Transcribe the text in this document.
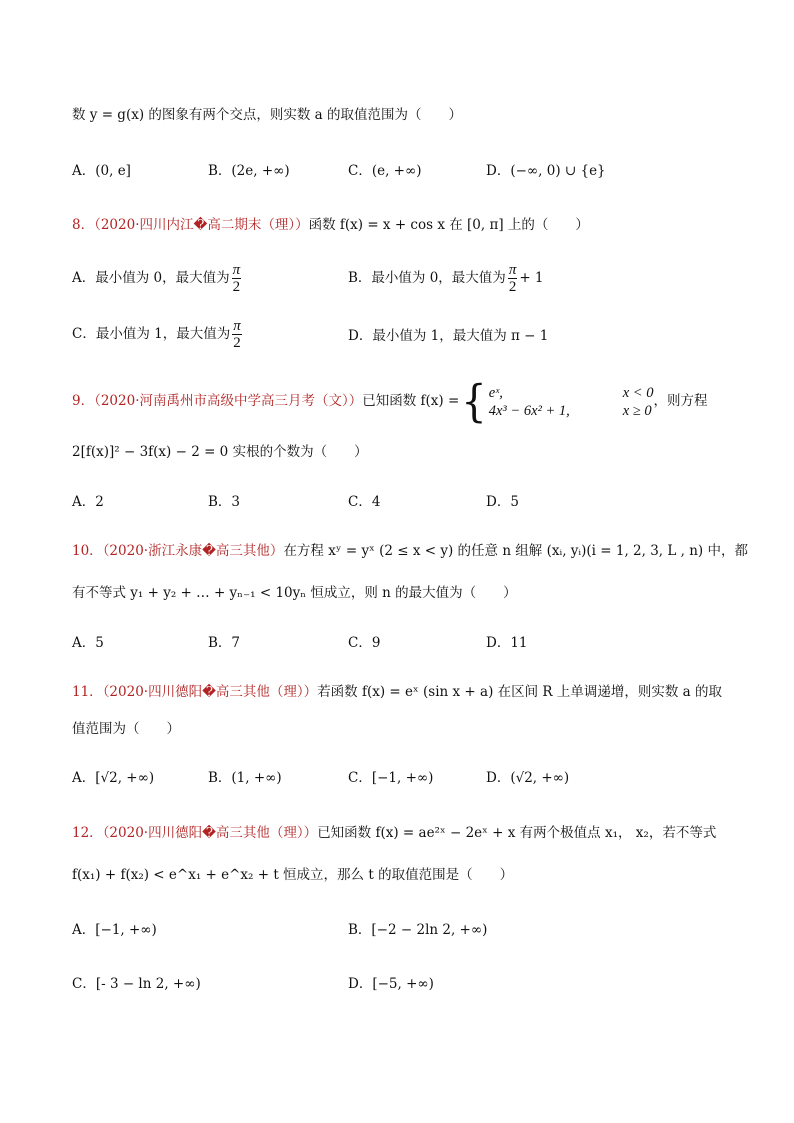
数 y = g(x) 的图象有两个交点，则实数 a 的取值范围为（　　）
A．(0, e]	B．(2e, +∞)	C．(e, +∞)	D．(−∞, 0) ∪ {e}
8．（2020·四川内江�高二期末（理））函数 f(x) = x + cos x 在 [0, π] 上的（　　）
A．最小值为 0，最大值为 $\frac{\pi}{2}$	B．最小值为 0，最大值为 $\frac{\pi}{2} + 1$
C．最小值为 1，最大值为 $\frac{\pi}{2}$	D．最小值为 1，最大值为 π − 1
9．（2020·河南禹州市高级中学高三月考（文））已知函数 f(x) ={ eˣ,	x < 0
4x³ − 6x² + 1,	x ≥ 0
，则方程
2[f(x)]² − 3f(x) − 2 = 0 实根的个数为（　　）
A．2	B．3	C．4	D．5
10．（2020·浙江永康�高三其他）在方程 xʸ = yˣ (2 ≤ x < y) 的任意 n 组解 (xᵢ, yᵢ)(i = 1, 2, 3, L , n) 中，都
有不等式 y₁ + y₂ + … + yₙ₋₁ < 10yₙ 恒成立，则 n 的最大值为（　　）
A．5	B．7	C．9	D．11
11．（2020·四川德阳�高三其他（理））若函数 f(x) = eˣ (sin x + a) 在区间 R 上单调递增，则实数 a 的取
值范围为（　　）
A．[√2, +∞)	B．(1, +∞)	C．[−1, +∞)	D．(√2, +∞)
12．（2020·四川德阳�高三其他（理））已知函数 f(x) = ae²ˣ − 2eˣ + x 有两个极值点 x₁， x₂，若不等式
f(x₁) + f(x₂) < e^x₁ + e^x₂ + t 恒成立，那么 t 的取值范围是（　　）
A．[−1, +∞)	B．[−2 − 2ln 2, +∞)
C．[- 3 − ln 2, +∞)	D．[−5, +∞)
